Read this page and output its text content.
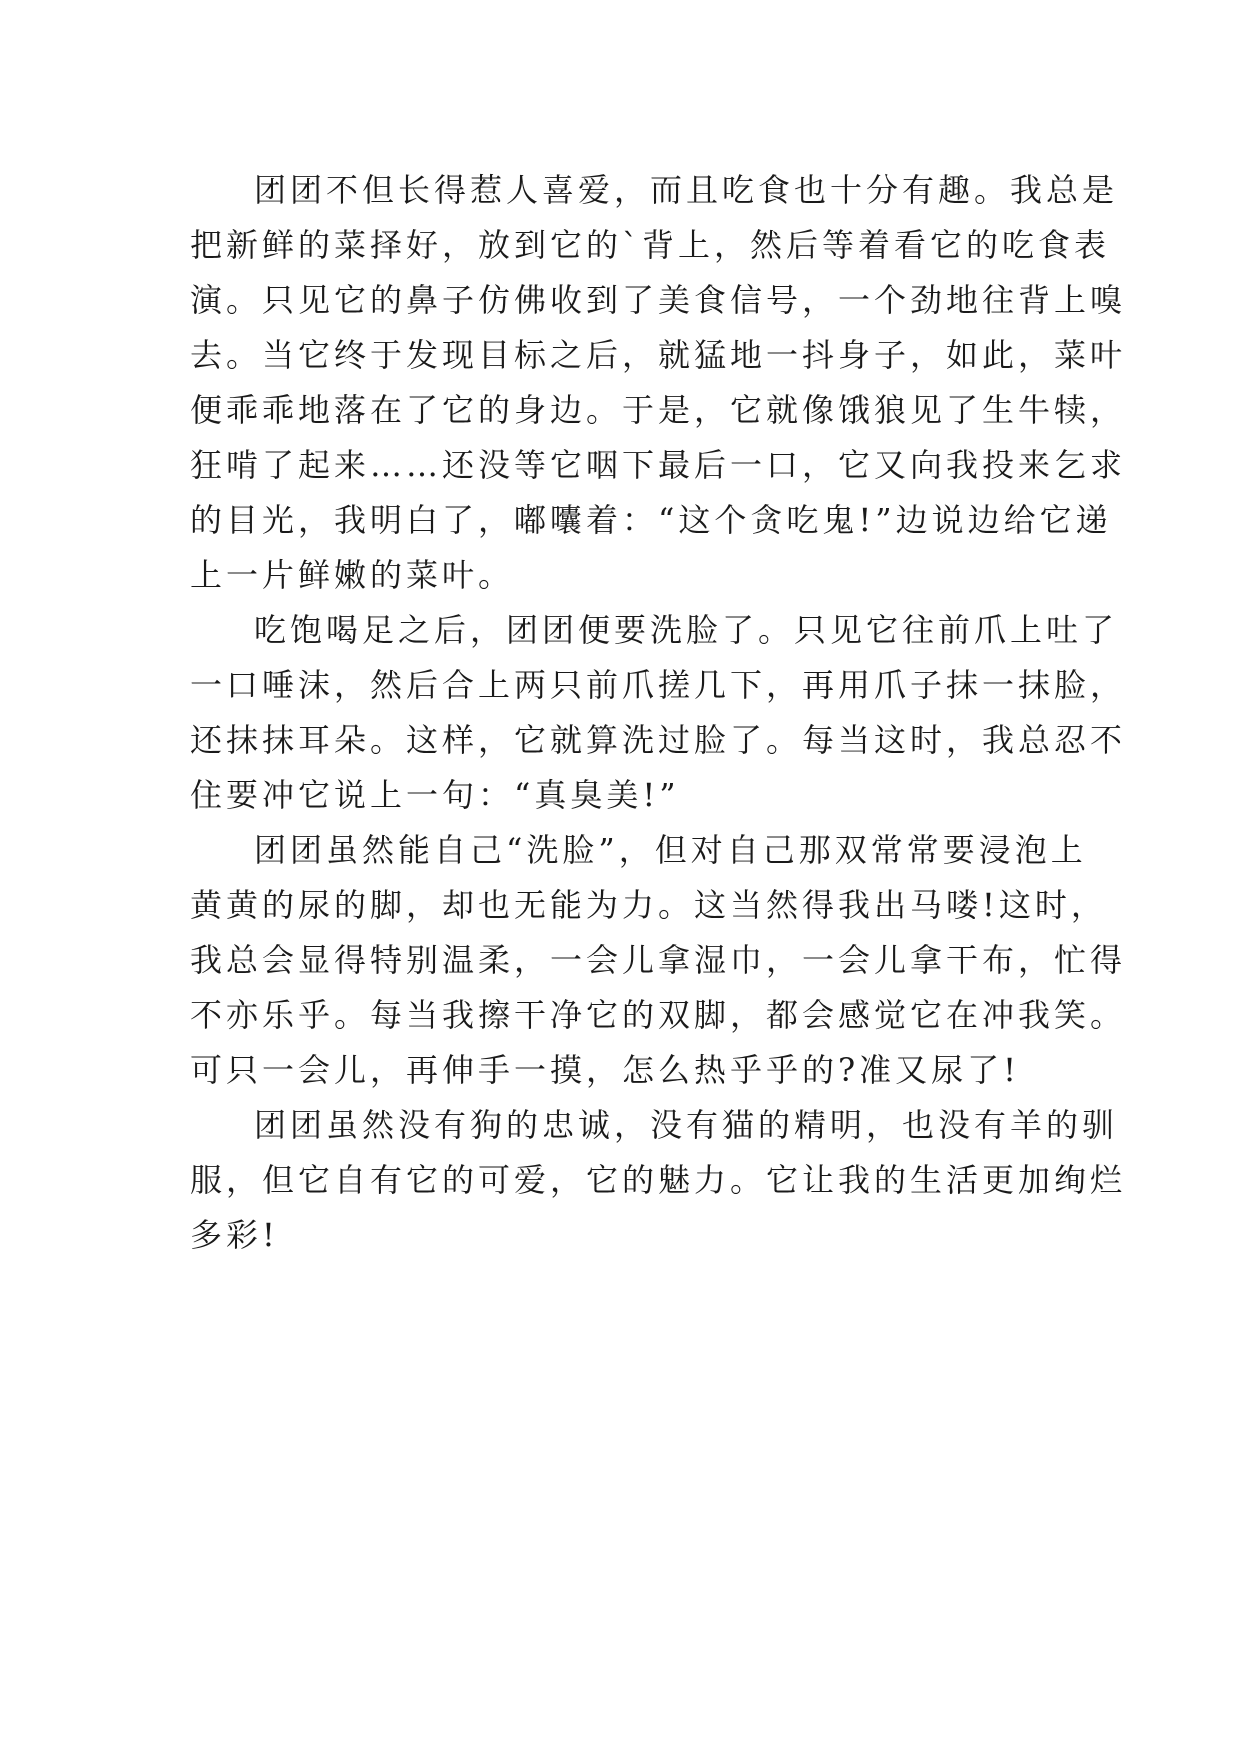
团团不但长得惹人喜爱，而且吃食也十分有趣。我总是
把新鲜的菜择好，放到它的`背上，然后等着看它的吃食表
演。只见它的鼻子仿佛收到了美食信号，一个劲地往背上嗅
去。当它终于发现目标之后，就猛地一抖身子，如此，菜叶
便乖乖地落在了它的身边。于是，它就像饿狼见了生牛犊，
狂啃了起来……还没等它咽下最后一口，它又向我投来乞求
的目光，我明白了，嘟囔着：“这个贪吃鬼!”边说边给它递
上一片鲜嫩的菜叶。
吃饱喝足之后，团团便要洗脸了。只见它往前爪上吐了
一口唾沫，然后合上两只前爪搓几下，再用爪子抹一抹脸，
还抹抹耳朵。这样，它就算洗过脸了。每当这时，我总忍不
住要冲它说上一句：“真臭美!”
团团虽然能自己“洗脸”，但对自己那双常常要浸泡上
黄黄的尿的脚，却也无能为力。这当然得我出马喽!这时，
我总会显得特别温柔，一会儿拿湿巾，一会儿拿干布，忙得
不亦乐乎。每当我擦干净它的双脚，都会感觉它在冲我笑。
可只一会儿，再伸手一摸，怎么热乎乎的?准又尿了!
团团虽然没有狗的忠诚，没有猫的精明，也没有羊的驯
服，但它自有它的可爱，它的魅力。它让我的生活更加绚烂
多彩!
